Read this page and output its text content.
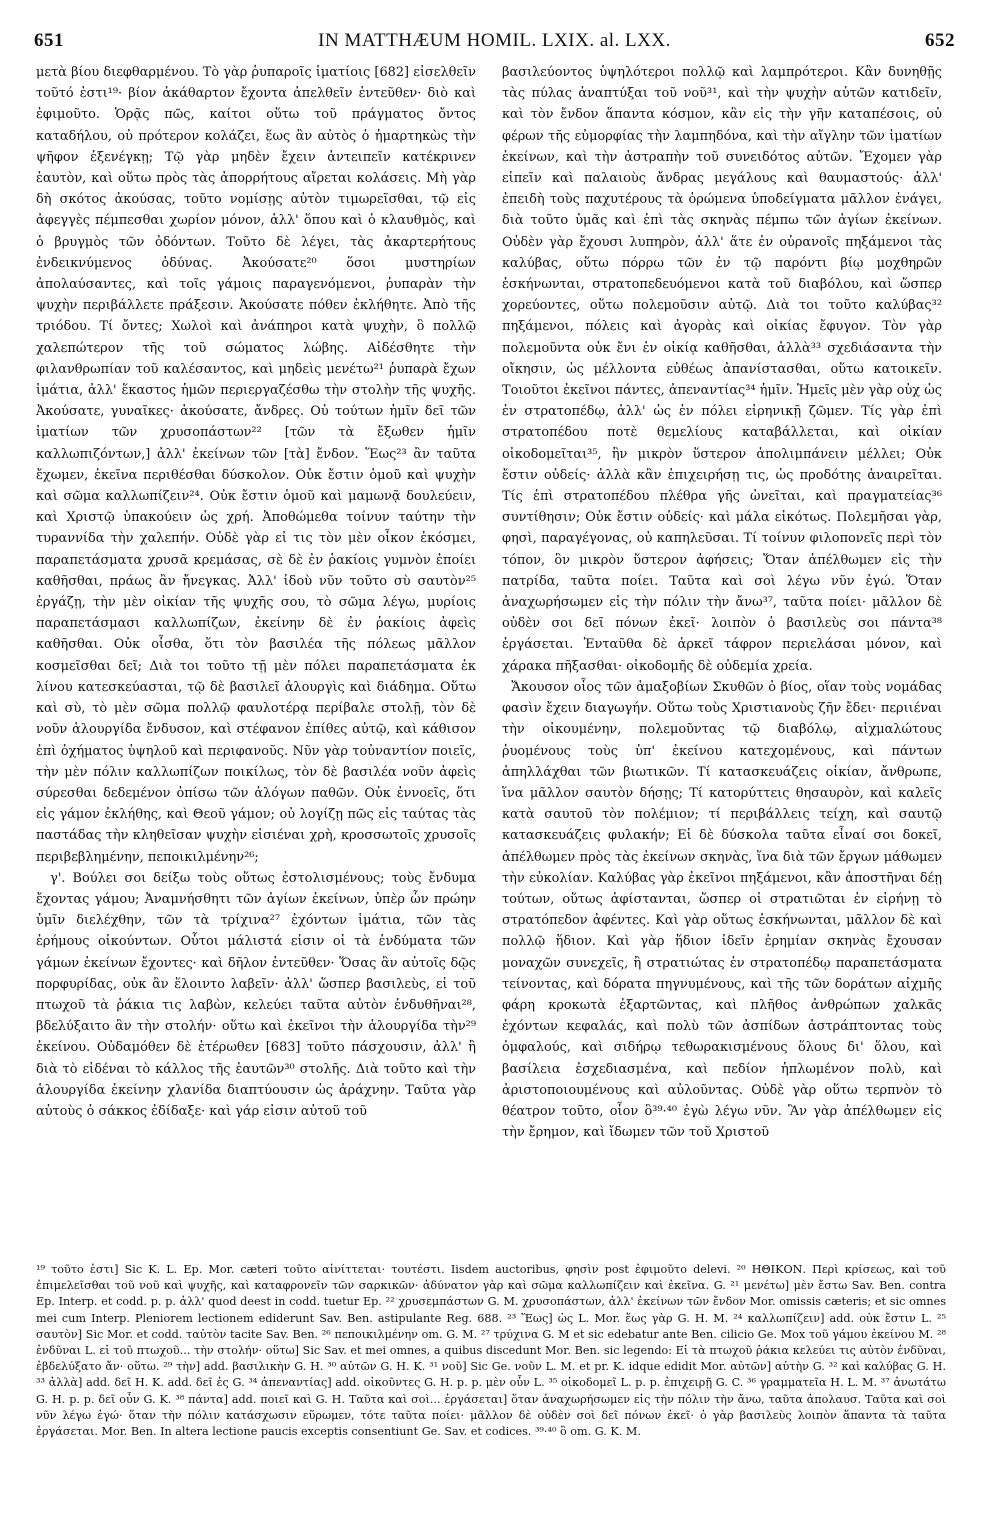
651	IN MATTHÆUM HOMIL. LXIX. al. LXX.	652
μετὰ βίου διεφθαρμένου. Τὸ γὰρ ῥυπαροῖς ἱματίοις [682] εἰσελθεῖν τοῦτό ἐστι¹⁹· βίον ἀκάθαρτον ἔχοντα ἀπελθεῖν ἐντεῦθεν· διὸ καὶ ἐφιμοῦτο. Ὁρᾷς πῶς, καίτοι οὕτω τοῦ πράγματος ὄντος καταδήλου, οὐ πρότερον κολάζει, ἕως ἂν αὐτὸς ὁ ἡμαρτηκὼς τὴν ψῆφον ἐξενέγκῃ; Τῷ γὰρ μηδὲν ἔχειν ἀντειπεῖν κατέκρινεν ἑαυτὸν, καὶ οὕτω πρὸς τὰς ἀπορρήτους αἴρεται κολάσεις. Μὴ γὰρ δὴ σκότος ἀκούσας, τοῦτο νομίσῃς αὐτὸν τιμωρεῖσθαι, τῷ εἰς ἀφεγγὲς πέμπεσθαι χωρίον μόνον, ἀλλ' ὅπου καὶ ὁ κλαυθμὸς, καὶ ὁ βρυγμὸς τῶν ὀδόντων. Τοῦτο δὲ λέγει, τὰς ἀκαρτερήτους ἐνδεικνύμενος ὀδύνας. Ἀκούσατε²⁰ ὅσοι μυστηρίων ἀπολαύσαντες, καὶ τοῖς γάμοις παραγενόμενοι, ῥυπαρὰν τὴν ψυχὴν περιβάλλετε πράξεσιν. Ἀκούσατε πόθεν ἐκλήθητε. Ἀπὸ τῆς τριόδου. Τί ὄντες; Χωλοὶ καὶ ἀνάπηροι κατὰ ψυχὴν, ὃ πολλῷ χαλεπώτερον τῆς τοῦ σώματος λώβης. Αἰδέσθητε τὴν φιλανθρωπίαν τοῦ καλέσαντος, καὶ μηδεὶς μενέτω²¹ ῥυπαρὰ ἔχων ἱμάτια, ἀλλ' ἕκαστος ἡμῶν περιεργαζέσθω τὴν στολὴν τῆς ψυχῆς. Ἀκούσατε, γυναῖκες· ἀκούσατε, ἄνδρες. Οὐ τούτων ἡμῖν δεῖ τῶν ἱματίων τῶν χρυσοπάστων²² [τῶν τὰ ἔξωθεν ἡμῖν καλλωπιζόντων,] ἀλλ' ἐκείνων τῶν [τὰ] ἔνδον. Ἕως²³ ἂν ταῦτα ἔχωμεν, ἐκεῖνα περιθέσθαι δύσκολον. Οὐκ ἔστιν ὁμοῦ καὶ ψυχὴν καὶ σῶμα καλλωπίζειν²⁴. Οὐκ ἔστιν ὁμοῦ καὶ μαμωνᾷ δουλεύειν, καὶ Χριστῷ ὑπακούειν ὡς χρή. Ἀποθώμεθα τοίνυν ταύτην τὴν τυραννίδα τὴν χαλεπήν. Οὐδὲ γὰρ εἰ τις τὸν μὲν οἶκον ἐκόσμει, παραπετάσματα χρυσᾶ κρεμάσας, σὲ δὲ ἐν ῥακίοις γυμνὸν ἐποίει καθῆσθαι, πράως ἂν ἤνεγκας. Ἀλλ' ἰδοὺ νῦν τοῦτο σὺ σαυτὸν²⁵ ἐργάζῃ, τὴν μὲν οἰκίαν τῆς ψυχῆς σου, τὸ σῶμα λέγω, μυρίοις παραπετάσμασι καλλωπίζων, ἐκείνην δὲ ἐν ῥακίοις ἀφεὶς καθῆσθαι. Οὐκ οἶσθα, ὅτι τὸν βασιλέα τῆς πόλεως μᾶλλον κοσμεῖσθαι δεῖ; Διὰ τοι τοῦτο τῇ μὲν πόλει παραπετάσματα ἐκ λίνου κατεσκεύασται, τῷ δὲ βασιλεῖ ἁλουργὶς καὶ διάδημα. Οὕτω καὶ σὺ, τὸ μὲν σῶμα πολλῷ φαυλοτέρᾳ περίβαλε στολῇ, τὸν δὲ νοῦν ἁλουργίδα ἔνδυσον, καὶ στέφανον ἐπίθες αὐτῷ, καὶ κάθισον ἐπὶ ὀχήματος ὑψηλοῦ καὶ περιφανοῦς. Νῦν γὰρ τοὐναντίον ποιεῖς, τὴν μὲν πόλιν καλλωπίζων ποικίλως, τὸν δὲ βασιλέα νοῦν ἀφεὶς σύρεσθαι δεδεμένον ὀπίσω τῶν ἀλόγων παθῶν. Οὐκ ἐννοεῖς, ὅτι εἰς γάμον ἐκλήθης, καὶ Θεοῦ γάμον; οὐ λογίζῃ πῶς εἰς ταύτας τὰς παστάδας τὴν κληθεῖσαν ψυχὴν εἰσιέναι χρὴ, κροσσωτοῖς χρυσοῖς περιβεβλημένην, πεποικιλμένην²⁶;
γ'. Βούλει σοι δείξω τοὺς οὕτως ἐστολισμένους; τοὺς ἔνδυμα ἔχοντας γάμου; Ἀναμνήσθητι τῶν ἁγίων ἐκείνων, ὑπὲρ ὧν πρώην ὑμῖν διελέχθην, τῶν τὰ τρίχινα²⁷ ἐχόντων ἱμάτια, τῶν τὰς ἐρήμους οἰκούντων. Οὗτοι μάλιστά εἰσιν οἱ τὰ ἐνδύματα τῶν γάμων ἐκείνων ἔχοντες· καὶ δῆλον ἐντεῦθεν· Ὅσας ἂν αὐτοῖς δῷς πορφυρίδας, οὐκ ἂν ἕλοιντο λαβεῖν· ἀλλ' ὥσπερ βασιλεὺς, εἰ τοῦ πτωχοῦ τὰ ῥάκια τις λαβὼν, κελεύει ταῦτα αὐτὸν ἐνδυθῆναι²⁸, βδελύξαιτο ἂν τὴν στολήν· οὕτω καὶ ἐκεῖνοι τὴν ἁλουργίδα τὴν²⁹ ἐκείνου. Οὐδαμόθεν δὲ ἑτέρωθεν [683] τοῦτο πάσχουσιν, ἀλλ' ἢ διὰ τὸ εἰδέναι τὸ κάλλος τῆς ἑαυτῶν³⁰ στολῆς. Διὰ τοῦτο καὶ τὴν ἁλουργίδα ἐκείνην χλανίδα διαπτύουσιν ὡς ἀράχνην. Ταῦτα γὰρ αὐτοὺς ὁ σάκκος ἐδίδαξε· καὶ γάρ εἰσιν αὐτοῦ τοῦ
βασιλεύοντος ὑψηλότεροι πολλῷ καὶ λαμπρότεροι. Κἂν δυνηθῇς τὰς πύλας ἀναπτύξαι τοῦ νοῦ³¹, καὶ τὴν ψυχὴν αὐτῶν κατιδεῖν, καὶ τὸν ἔνδον ἅπαντα κόσμον, κἂν εἰς τὴν γῆν καταπέσοις, οὐ φέρων τῆς εὐμορφίας τὴν λαμπηδόνα, καὶ τὴν αἴγλην τῶν ἱματίων ἐκείνων, καὶ τὴν ἀστραπὴν τοῦ συνειδότος αὐτῶν. Ἔχομεν γὰρ εἰπεῖν καὶ παλαιοὺς ἄνδρας μεγάλους καὶ θαυμαστούς· ἀλλ' ἐπειδὴ τοὺς παχυτέρους τὰ ὁρώμενα ὑποδείγματα μᾶλλον ἐνάγει, διὰ τοῦτο ὑμᾶς καὶ ἐπὶ τὰς σκηνὰς πέμπω τῶν ἁγίων ἐκείνων. Οὐδὲν γὰρ ἔχουσι λυπηρὸν, ἀλλ' ἅτε ἐν οὐρανοῖς πηξάμενοι τὰς καλύβας, οὕτω πόρρω τῶν ἐν τῷ παρόντι βίῳ μοχθηρῶν ἐσκήνωνται, στρατοπεδευόμενοι κατὰ τοῦ διαβόλου, καὶ ὥσπερ χορεύοντες, οὕτω πολεμοῦσιν αὐτῷ. Διὰ τοι τοῦτο καλύβας³² πηξάμενοι, πόλεις καὶ ἀγορὰς καὶ οἰκίας ἔφυγον. Τὸν γὰρ πολεμοῦντα οὐκ ἔνι ἐν οἰκίᾳ καθῆσθαι, ἀλλὰ³³ σχεδιάσαντα τὴν οἴκησιν, ὡς μέλλοντα εὐθέως ἀπανίστασθαι, οὕτω κατοικεῖν. Τοιοῦτοι ἐκεῖνοι πάντες, ἀπεναντίας³⁴ ἡμῖν. Ἡμεῖς μὲν γὰρ οὐχ ὡς ἐν στρατοπέδῳ, ἀλλ' ὡς ἐν πόλει εἰρηνικῇ ζῶμεν. Τίς γὰρ ἐπὶ στρατοπέδου ποτὲ θεμελίους καταβάλλεται, καὶ οἰκίαν οἰκοδομεῖται³⁵, ἣν μικρὸν ὕστερον ἀπολιμπάνειν μέλλει; Οὐκ ἔστιν οὐδείς· ἀλλὰ κἂν ἐπιχειρήσῃ τις, ὡς προδότης ἀναιρεῖται. Τίς ἐπὶ στρατοπέδου πλέθρα γῆς ὠνεῖται, καὶ πραγματείας³⁶ συντίθησιν; Οὐκ ἔστιν οὐδείς· καὶ μάλα εἰκότως. Πολεμῆσαι γὰρ, φησὶ, παραγέγονας, οὐ καπηλεῦσαι. Τί τοίνυν φιλοπονεῖς περὶ τὸν τόπον, ὃν μικρὸν ὕστερον ἀφήσεις; Ὅταν ἀπέλθωμεν εἰς τὴν πατρίδα, ταῦτα ποίει. Ταῦτα καὶ σοὶ λέγω νῦν ἐγώ. Ὅταν ἀναχωρήσωμεν εἰς τὴν πόλιν τὴν ἄνω³⁷, ταῦτα ποίει· μᾶλλον δὲ οὐδὲν σοι δεῖ πόνων ἐκεῖ· λοιπὸν ὁ βασιλεὺς σοι πάντα³⁸ ἐργάσεται. Ἐνταῦθα δὲ ἀρκεῖ τάφρον περιελάσαι μόνον, καὶ χάρακα πῆξασθαι· οἰκοδομῆς δὲ οὐδεμία χρεία.
Ἄκουσον οἷος τῶν ἁμαξοβίων Σκυθῶν ὁ βίος, οἵαν τοὺς νομάδας φασὶν ἔχειν διαγωγήν. Οὕτω τοὺς Χριστιανοὺς ζῆν ἔδει· περιιέναι τὴν οἰκουμένην, πολεμοῦντας τῷ διαβόλῳ, αἰχμαλώτους ῥυομένους τοὺς ὑπ' ἐκείνου κατεχομένους, καὶ πάντων ἀπηλλάχθαι τῶν βιωτικῶν. Τί κατασκευάζεις οἰκίαν, ἄνθρωπε, ἵνα μᾶλλον σαυτὸν δήσῃς; Τί κατορύττεις θησαυρὸν, καὶ καλεῖς κατὰ σαυτοῦ τὸν πολέμιον; τί περιβάλλεις τείχη, καὶ σαυτῷ κατασκευάζεις φυλακήν; Εἰ δὲ δύσκολα ταῦτα εἶναί σοι δοκεῖ, ἀπέλθωμεν πρὸς τὰς ἐκείνων σκηνὰς, ἵνα διὰ τῶν ἔργων μάθωμεν τὴν εὐκολίαν. Καλύβας γὰρ ἐκεῖνοι πηξάμενοι, κἂν ἀποστῆναι δέῃ τούτων, οὕτως ἀφίστανται, ὥσπερ οἱ στρατιῶται ἐν εἰρήνῃ τὸ στρατόπεδον ἀφέντες. Καὶ γὰρ οὕτως ἐσκήνωνται, μᾶλλον δὲ καὶ πολλῷ ἥδιον. Καὶ γὰρ ἥδιον ἰδεῖν ἐρημίαν σκηνὰς ἔχουσαν μοναχῶν συνεχεῖς, ἢ στρατιώτας ἐν στρατοπέδῳ παραπετάσματα τείνοντας, καὶ δόρατα πηγνυμένους, καὶ τῆς τῶν δοράτων αἰχμῆς φάρη κροκωτὰ ἐξαρτῶντας, καὶ πλῆθος ἀνθρώπων χαλκᾶς ἐχόντων κεφαλάς, καὶ πολὺ τῶν ἀσπίδων ἀστράπτοντας τοὺς ὀμφαλούς, καὶ σιδήρῳ τεθωρακισμένους ὅλους δι' ὅλου, καὶ βασίλεια ἐσχεδιασμένα, καὶ πεδίον ἡπλωμένον πολὺ, καὶ ἀριστοποιουμένους καὶ αὐλοῦντας. Οὐδὲ γὰρ οὕτω τερπνὸν τὸ θέατρον τοῦτο, οἷον ὃ³⁹·⁴⁰ ἐγὼ λέγω νῦν. Ἂν γὰρ ἀπέλθωμεν εἰς τὴν ἔρημον, καὶ ἴδωμεν τῶν τοῦ Χριστοῦ
¹⁹ τοῦτο ἐστι] Sic K. L. Ep. Mor. cæteri τοῦτο αἰνίττεται· τουτέστι. Iisdem auctoribus, φησὶν post ἐφιμοῦτο delevi. ²⁰ ΗΘΙΚΟΝ. Περὶ κρίσεως, καὶ τοῦ ἐπιμελεῖσθαι τοῦ νοῦ καὶ ψυχῆς, καὶ καταφρονεῖν τῶν σαρκικῶν· ἀδύνατον γὰρ καὶ σῶμα καλλωπίζειν καὶ ἐκεῖνα. G. ²¹ μενέτω] μὲν ἔστω Sav. Ben. contra Ep. Interp. et codd. p. p. ἀλλ' quod deest in codd. tuetur Ep. ²² χρυσεμπάστων G. M. χρυσοπάστων, ἀλλ' ἐκείνων τῶν ἔνδον Mor. omissis cæteris; et sic omnes mei cum Interp. Pleniorem lectionem ediderunt Sav. Ben. astipulante Reg. 688. ²³ Ἕως] ὡς L. Mor. ἕως γὰρ G. H. M. ²⁴ καλλωπίζειν] add. οὐκ ἔστιν L. ²⁵ σαυτὸν] Sic Mor. et codd. ταὐτὸν tacite Sav. Ben. ²⁶ πεποικιλμένην om. G. M. ²⁷ τρύχινα G. M et sic edebatur ante Ben. cilicio Ge. Mox τοῦ γάμου ἐκείνου M. ²⁸ ἐνδῦναι L. εἰ τοῦ πτωχοῦ... τὴν στολήν· οὕτω] Sic Sav. et mei omnes, a quibus discedunt Mor. Ben. sic legendo: Εἰ τὰ πτωχοῦ ῥάκια κελεύει τις αὐτὸν ἐνδῦναι, ἐβδελύξατο ἄν· οὕτω. ²⁹ τὴν] add. βασιλικὴν G. H. ³⁰ αὐτῶν G. H. K. ³¹ νοῦ] Sic Ge. νοῦν L. M. et pr. K. idque edidit Mor. αὐτῶν] αὐτὴν G. ³² καὶ καλύβας G. H. ³³ ἀλλὰ] add. δεῖ H. K. add. δεῖ ἐς G. ³⁴ ἀπεναντίας] add. οἰκοῦντες G. H. p. p. μὲν οὖν L. ³⁵ οἰκοδομεῖ L. p. p. ἐπιχειρῇ G. C. ³⁶ γραμματεῖα H. L. M. ³⁷ ἀνωτάτω G. H. p. p. δεῖ οὖν G. K. ³⁸ πάντα] add. ποιεῖ καὶ G. H. Ταῦτα καὶ σοὶ... ἐργάσεται] ὅταν ἀναχωρήσωμεν εἰς τὴν πόλιν τὴν ἄνω, ταῦτα ἀπολαυσ. Ταῦτα καὶ σοὶ νῦν λέγω ἐγώ· ὅταν τὴν πόλιν κατάσχωσιν εὕρωμεν, τότε ταῦτα ποίει· μᾶλλον δὲ οὐδὲν σοὶ δεῖ πόνων ἐκεῖ· ὁ γὰρ βασιλεὺς λοιπὸν ἅπαντα τὰ ταῦτα ἐργάσεται. Mor. Ben. In altera lectione paucis exceptis consentiunt Ge. Sav. et codices. ³⁹·⁴⁰ ὃ om. G. K. M.
